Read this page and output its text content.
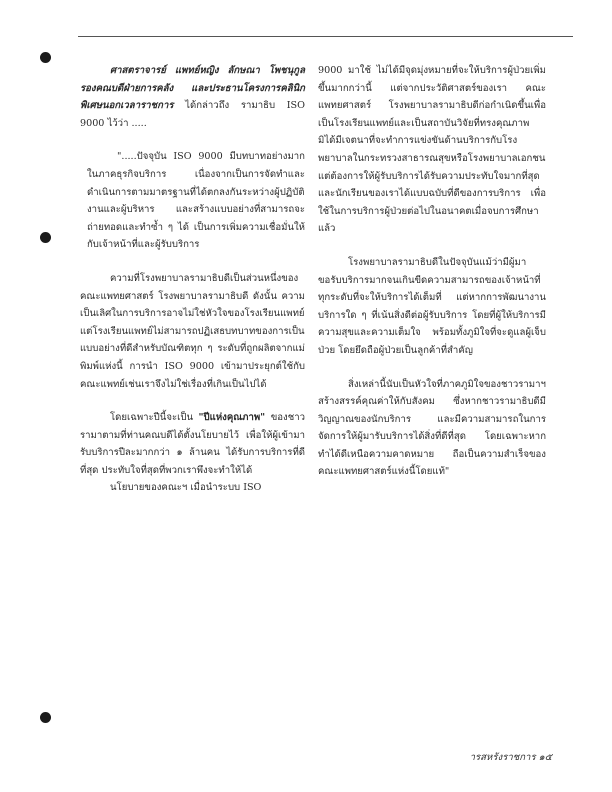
ศาสตราจารย์ แพทย์หญิง ลักษณา โพชนุกูล รองคณบดีฝ่ายการคลัง และประธานโครงการคลินิกพิเศษนอกเวลาราชการ ได้กล่าวถึง รามาธิบ ISO 9000 ไว้ว่า .....

".....ปัจจุบัน ISO 9000 มีบทบาทอย่างมากในภาคธุรกิจบริการ เนื่องจากเป็นการจัดทำและดำเนินการตามมาตรฐานที่ได้ตกลงกันระหว่างผู้ปฏิบัติงานและผู้บริหาร และสร้างแบบอย่างที่สามารถจะถ่ายทอดและทำซ้ำ ๆ ได้ เป็นการเพิ่มความเชื่อมั่นให้กับเจ้าหน้าที่และผู้รับบริการ

ความที่โรงพยาบาลรามาธิบดีเป็นส่วนหนึ่งของคณะแพทยศาสตร์ โรงพยาบาลรามาธิบดี ดังนั้น ความเป็นเลิศในการบริการอาจไม่ใช่หัวใจของโรงเรียนแพทย์ แต่โรงเรียนแพทย์ไม่สามารถปฏิเสธบทบาทของการเป็นแบบอย่างที่ดีสำหรับบัณฑิตทุก ๆ ระดับที่ถูกผลิตจากแม่พิมพ์แห่งนี้ การนำ ISO 9000 เข้ามาประยุกต์ใช้กับคณะแพทย์เช่นเราจึงไม่ใช่เรื่องที่เกินเป็นไปได้

โดยเฉพาะปีนี้จะเป็น "ปีแห่งคุณภาพ" ของชาวรามาตามที่ท่านคณบดีได้ตั้งนโยบายไว้ เพื่อให้ผู้เข้ามารับบริการปีละมากกว่า ๑ ล้านคน ได้รับการบริการที่ดีที่สุด ประทับใจที่สุดที่พวกเราพึงจะทำให้ได้

นโยบายของคณะฯ เมื่อนำระบบ ISO

9000 มาใช้ ไม่ได้มีจุดมุ่งหมายที่จะให้บริการผู้ป่วยเพิ่มขึ้นมากกว่านี้ แต่จากประวัติศาสตร์ของเรา คณะแพทยศาสตร์ โรงพยาบาลรามาธิบดีก่อกำเนิดขึ้นเพื่อเป็นโรงเรียนแพทย์และเป็นสถาบันวิจัยที่ทรงคุณภาพ มิได้มีเจตนาที่จะทำการแข่งขันด้านบริการกับโรงพยาบาลในกระทรวงสาธารณสุขหรือโรงพยาบาลเอกชน แต่ต้องการให้ผู้รับบริการได้รับความประทับใจมากที่สุด และนักเรียนของเราได้แบบฉบับที่ดีของการบริการ เพื่อใช้ในการบริการผู้ป่วยต่อไปในอนาคตเมื่อจบการศึกษาแล้ว

โรงพยาบาลรามาธิบดีในปัจจุบันแม้ว่ามีผู้มาขอรับบริการมากจนเกินขีดความสามารถของเจ้าหน้าที่ทุกระดับที่จะให้บริการได้เต็มที่ แต่หากการพัฒนางานบริการใด ๆ ที่เน้นสิ่งดีต่อผู้รับบริการ โดยที่ผู้ให้บริการมีความสุขและความเต็มใจ พร้อมทั้งภูมิใจที่จะดูแลผู้เจ็บป่วย โดยยึดถือผู้ป่วยเป็นลูกค้าที่สำคัญ

สิ่งเหล่านี้นับเป็นหัวใจที่ภาคภูมิใจของชาวรามาฯ สร้างสรรค์คุณค่าให้กับสังคม ซึ่งหากชาวรามาธิบดีมีวิญญาณของนักบริการ และมีความสามารถในการจัดการให้ผู้มารับบริการได้สิ่งที่ดีที่สุด โดยเฉพาะหากทำได้ดีเหนือความคาดหมาย ถือเป็นความสำเร็จของคณะแพทยศาสตร์แห่งนี้โดยแท้"

ารสหรังราชการ ๑๕
